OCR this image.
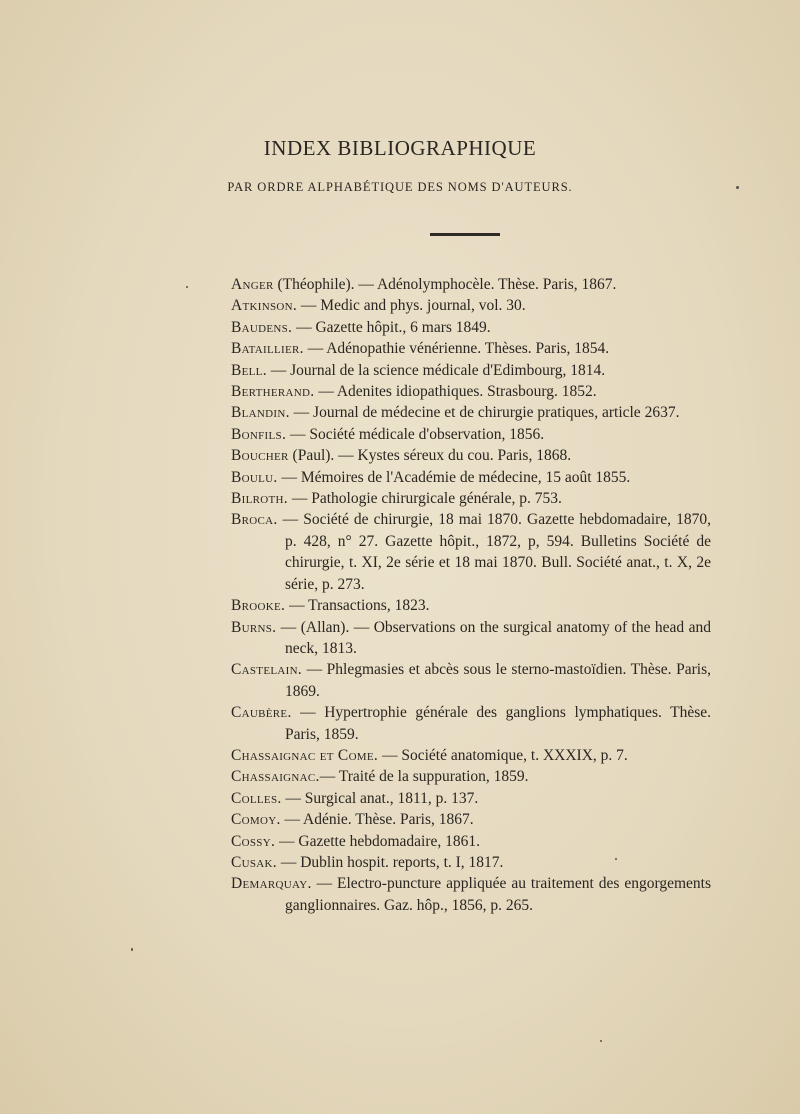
INDEX BIBLIOGRAPHIQUE
PAR ORDRE ALPHABÉTIQUE DES NOMS D'AUTEURS.
Anger (Théophile). — Adénolymphocèle. Thèse. Paris, 1867.
Atkinson. — Medic and phys. journal, vol. 30.
Baudens. — Gazette hôpit., 6 mars 1849.
Bataillier. — Adénopathie vénérienne. Thèses. Paris, 1854.
Bell. — Journal de la science médicale d'Edimbourg, 1814.
Bertherand. — Adenites idiopathiques. Strasbourg. 1852.
Blandin. — Journal de médecine et de chirurgie pratiques, article 2637.
Bonfils. — Société médicale d'observation, 1856.
Boucher (Paul). — Kystes séreux du cou. Paris, 1868.
Boulu. — Mémoires de l'Académie de médecine, 15 août 1855.
Bilroth. — Pathologie chirurgicale générale, p. 753.
Broca. — Société de chirurgie, 18 mai 1870. Gazette hebdomadaire, 1870, p. 428, n° 27. Gazette hôpit., 1872, p, 594. Bulletins Société de chirurgie, t. XI, 2e série et 18 mai 1870. Bull. Société anat., t. X, 2e série, p. 273.
Brooke. — Transactions, 1823.
Burns. — (Allan). — Observations on the surgical anatomy of the head and neck, 1813.
Castelain. — Phlegmasies et abcès sous le sterno-mastoïdien. Thèse. Paris, 1869.
Caubère. — Hypertrophie générale des ganglions lymphatiques. Thèse. Paris, 1859.
Chassaignac et Come. — Société anatomique, t. XXXIX, p. 7.
Chassaignac.— Traité de la suppuration, 1859.
Colles. — Surgical anat., 1811, p. 137.
Comoy. — Adénie. Thèse. Paris, 1867.
Cossy. — Gazette hebdomadaire, 1861.
Cusak. — Dublin hospit. reports, t. I, 1817.
Demarquay. — Electro-puncture appliquée au traitement des engorgements ganglionnaires. Gaz. hôp., 1856, p. 265.
